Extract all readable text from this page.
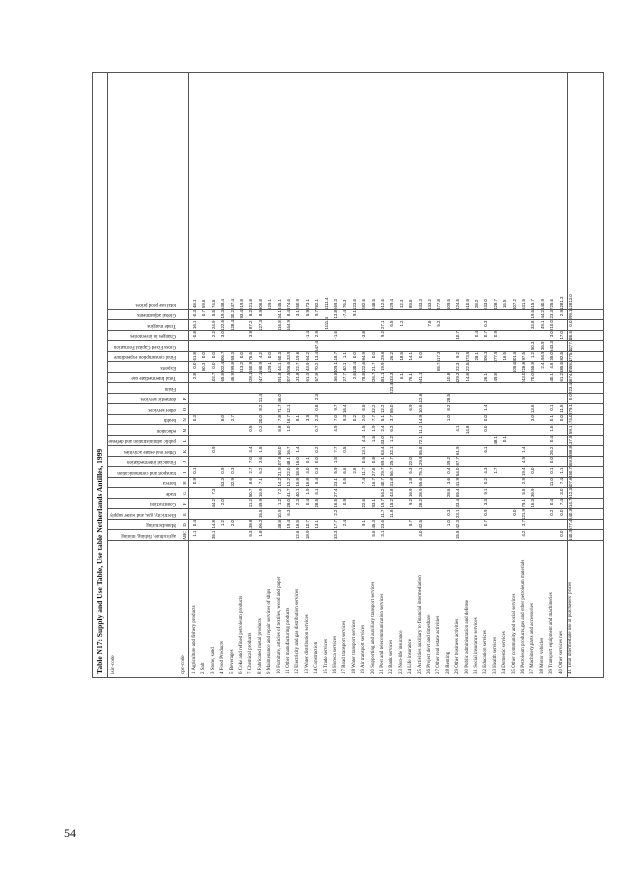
54
Table N17: Supply and Use Table, Use table Netherlands Antilles, 1999	isic-code	cpc-code
agriculture, fishing, mining ABC
Manufacturing D
Electricity, gas, and water supply E
Construction F
trade G
horeca H
transport and communication I
Financial intermediation J
Other real estate activities K
public administration and defense L
education M
health N
other services O
domestic services P
Fisim
Total Intermediate use
Exports
Final consumption expenditure
Gross Fixed Capital Formation
Changes in inventories
Trade margins
Global adjustments
total use prod prices
1 Agriculture and fishery products
1.1
0.4
0.9
0.1
0.3
2.8
0.0
61.8
-0.8
16.1
-0.3
48.1
2 Salt
60.3
0.0
0.7
59.6
3 Stone, sand
35.1
14.8
44.2
7.3
0.9
102.7
0.0
0.0
2.2
24.9
5.5
74.5
4 Food Products
1.2
2.0
53.3
0.9
8.0
65.8
302.4
306.7
3.0
122.5
19.3
538.4
5 Beverages
2.0
32.9
0.3
2.7
46.9
299.8
59.3
128.4
30.2
247.4
6 Coke and refined petroleum products
313.2
0.0
93.4
219.8
7 Chemical products
5.3
138.8
11.2
50.7
8.6
2.7
7.0
4.4
0.5
228.1
150.9
76.5
3.9
87.2
8.2
221.8
8 Fabricated metal products
1.8
106.2
15.5
49.9
16.9
7.1
6.2
2.6
1.5
0.2
20.0
8.2
11.4
247.1
190.9
4.2
127.3
8.9
306.8
9 Maintenance and repair services of ships
129.1
0.0
129.1
10 Furniture, articles of textiles, wood and paper
38.8
10.9
1.2
7.2
14.2
21.9
107.5
56.0
8.8
7.8
71.7
46.0
391.8
44.1
60.3
116.8
34.1
345.1
11 Other manufacturing products
19.4
6.3
28.0
41.7
12.2
22.0
48.1
16.7
1.0
16.7
12.1
207.5
206.6
133.9
164.9
8.4
374.6
12 Electricity and gas distribution services
12.6
16.5
2.3
40.1
15.8
18.9
16.0
1.4
8.1
131.8
22.7
119.6
3.1
250.9
13 Water distribution services
18.9
10.7
0.4
1.9
16.8
4.0
0.1
3.9
61.3
43.9
64.2
-1.4
5.9
173.1
14 Construction
13.1
28.5
5.1
5.4
0.3
0.0
0.2
0.7
2.3
0.8
2.3
57.8
70.2
13.4
647.4
2.9
9.7
782.1
15 Trade services
-1111.4
1111.4
16 Horeca services
33.3
17.7
2.2
16.5
27.4
23.1
5.9
1.5
7.7
4.9
7.0
9.7
156.8
409.1
118.7
-1.6
13.8
669.3
17 Road transport services
2.4
0.9
0.5
6.6
0.5
9.3
16.4
27.7
40.1
1.1
-7.4
76.3
18 Water transport services
2.6
0.2
2.6
130.4
0.0
9.1
123.6
19 Air transport services
9.1
22.6
7.4
11.7
0.5
13.1
4.4
1.5
2.0
6.5
78.8
122.6
84.9
-3.8
282.6
20 Supporting and auxiliary transport services
5.6
45.3
93.1
16.7
27.6
0.8
1.5
1.9
7.7
32.2
226.7
21.7
0.0
248.5
21 Post and telecommunication services
3.1
23.6
11.7
19.7
54.2
40.7
29.7
69.1
63.4
33.0
2.4
5.1
12.2
381.1
19.9
129.6
9.2
27.1
512.6
22 Bank services
11.8
15.2
43.8
31.8
56.7
25.7
32.1
1.2
6.3
3.7
55.0
223.4
533.3
26.2
6.5
529.4
23 Non-life insurance
6.1
18.5
1.2
12.3
24 Life insurance
5.7
9.2
16.9
1.8
6.3
22.0
6.9
76.1
14.1
89.5
25 Activities auxiliary to financial intermediation
4.0
42.5
28.2
28.9
55.6
75.1
129.9
55.8
72.1
11.1
14.9
10.6
112.6
641.1
0.0
633.3
26 Project devt and timeshare
7.8
133.2
27 Other real estate activities
65.7
417.3
5.2
477.8
28 Renting
1.0
0.3
28.6
3.6
0.4
39.2
1.0
8.2
28.5
110.8
109.5
29 Other business activities
15.5
42.3
23.1
33.4
65.4
41.9
54.0
87.7
61.9
4.1
429.2
22.3
9.2
-10.7
424.5
30 Public administration and defense
14.8
14.8
22.5
473.5
510.8
31 Social insurance services
28.1
0.4
28.2
32 Education services
0.7
0.9
3.3
9.1
0.2
4.3
6.1
0.0
0.0
1.4
26.1
206.3
0.7
0.3
233.0
33 Health services
1.7
48.1
49.8
377.9
0.9
428.7
34 Domestic services
0.1
16.5
16.5
35 Other community and social services
0.0
105.6
301.5
407.2
36 Petroleum products,gas and other petroleum materials
4.2
3.7
121.9
79.1
5.5
2.9
19.4
4.9
1.4
243.0
228.8
97.5
531.5
37 Machinery,parts and accessories
16.3
36.9
0.0
3.0
13.6
70.0
255.8
1.2
50.3
33.8
19.5
515.7
38 Motor vehicles
2.4
194.9
36.9
49.1
44.2
140.9
39 Transport equipment and machineries
0.2
0.4
11.0
0.1
0.0
26.2
0.4
1.6
0.1
0.1
40.1
4.6
35.0
543.3
3.0
210.0
23.3
725.6
40 Other services nes
0.0
0.0
7.4
3.0
7.4
1.1
0.0
11.5
61.2
585.5
82.5
17.0
2.9
1281.3
41 Total intermediate use at purchasers' prices
140.3
577.4
240.3
514.7
512.3
407.6
450.7
469.5
388.8
137.5
59.1
174.0
379.1
0.0
223.4
4674.7
3458.1
3775.0
1277.9
26.5
0.0
399.1
12813.0
